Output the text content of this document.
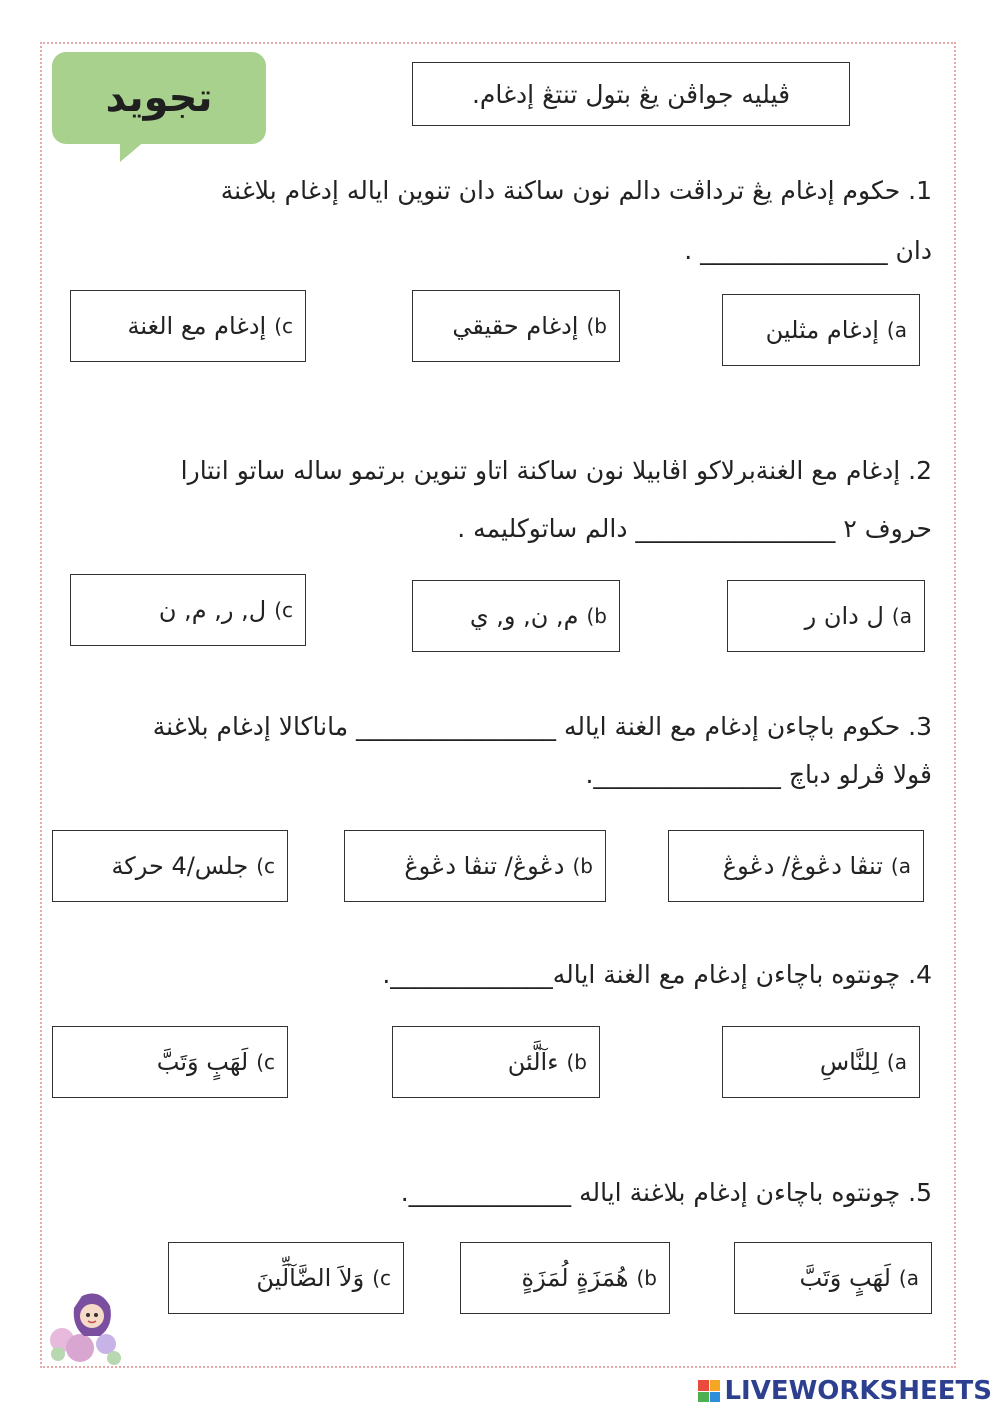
تجويد	ڤيليه جواڤن يڠ بتول تنتڠ إدغام.
1. حكوم إدغام يڠ ترداڤت دالم نون ساكنة دان تنوين اياله إدغام بلاغنة
دان _______________ .
a)
إدغام مثلين
b)
إدغام حقيقي
c)
إدغام مع الغنة
2. إدغام مع الغنةبرلاكو اڤابيلا نون ساكنة اتاو تنوين برتمو ساله ساتو انتارا
حروف ٢ ________________ دالم ساتوكليمه .
a)
ل دان ر
b)
م, ن, و, ي
c)
ل, ر, م, ن
3. حكوم باچاءن إدغام مع الغنة اياله ________________ ماناكالا إدغام بلاغنة
ڤولا ڤرلو دباچ _______________.
a)
تنڤا دڠوڠ/ دڠوڠ
b)
دڠوڠ/ تنڤا دڠوڠ
c)
جلس/4 حركة
4. چونتوه باچاءن إدغام مع الغنة اياله_____________.
a)
لِلنَّاسِ
b)
ءآلَّئن
c)
لَهَبٍ وَتَبَّ
5. چونتوه باچاءن إدغام بلاغنة اياله _____________.
a)
لَهَبٍ وَتَبَّ
b)
هُمَزَةٍ لُمَزَةٍ
c)
وَلاَ الضَّآلِّينَ
LIVEWORKSHEETS
